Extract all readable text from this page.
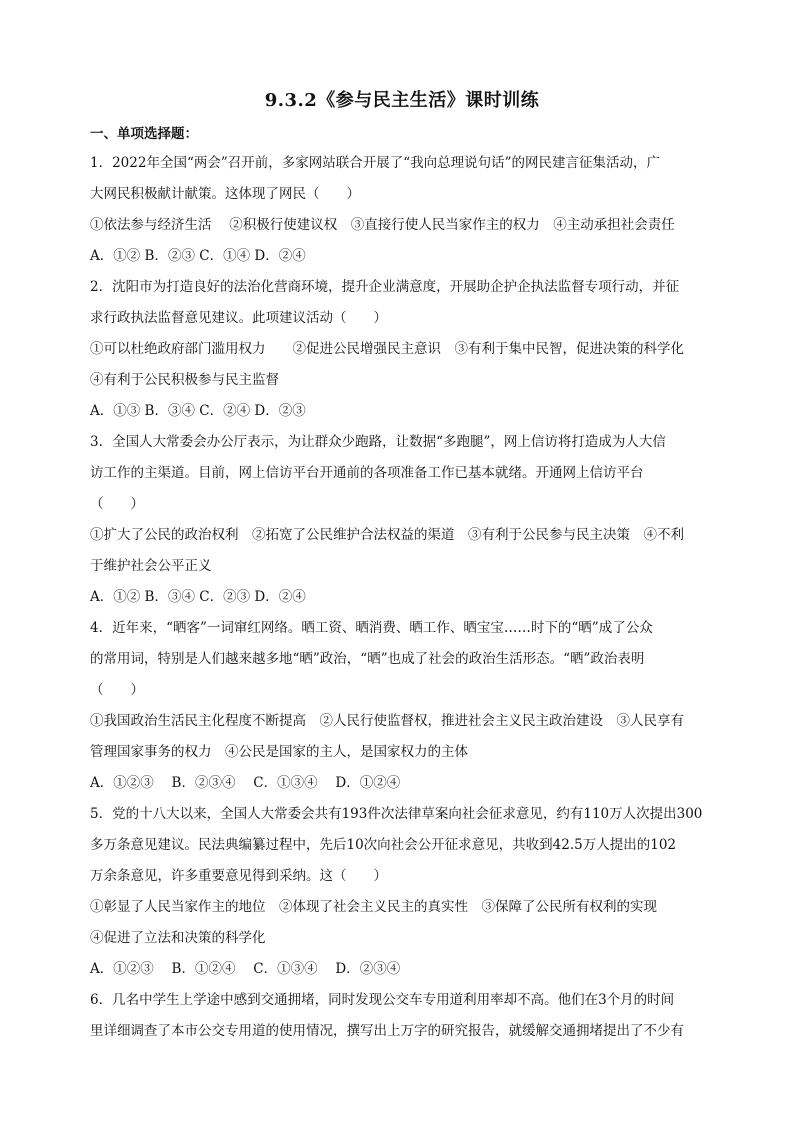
9.3.2《参与民主生活》课时训练
一、单项选择题：

1．2022年全国“两会”召开前，多家网站联合开展了“我向总理说句话”的网民建言征集活动，广

大网民积极献计献策。这体现了网民（　　）

①依法参与经济生活　 ②积极行使建议权　③直接行使人民当家作主的权力　④主动承担社会责任

A．①② B．②③ C．①④ D．②④

2．沈阳市为打造良好的法治化营商环境，提升企业满意度，开展助企护企执法监督专项行动，并征

求行政执法监督意见建议。此项建议活动（　　）

①可以杜绝政府部门滥用权力　　②促进公民增强民主意识　③有利于集中民智，促进决策的科学化

④有利于公民积极参与民主监督

A．①③ B．③④ C．②④ D．②③

3．全国人大常委会办公厅表示，为让群众少跑路，让数据“多跑腿”，网上信访将打造成为人大信

访工作的主渠道。目前，网上信访平台开通前的各项准备工作已基本就绪。开通网上信访平台

（　　）

①扩大了公民的政治权利　②拓宽了公民维护合法权益的渠道　③有利于公民参与民主决策　④不利

于维护社会公平正义

A．①② B．③④ C．②③ D．②④

4．近年来，“晒客”一词窜红网络。晒工资、晒消费、晒工作、晒宝宝……时下的“晒”成了公众

的常用词，特别是人们越来越多地“晒”政治，“晒”也成了社会的政治生活形态。“晒”政治表明

（　　）

①我国政治生活民主化程度不断提高　②人民行使监督权，推进社会主义民主政治建设　③人民享有

管理国家事务的权力　④公民是国家的主人，是国家权力的主体

A．①②③　 B．②③④　 C．①③④　 D．①②④

5．党的十八大以来，全国人大常委会共有193件次法律草案向社会征求意见，约有110万人次提出300

多万条意见建议。民法典编纂过程中，先后10次向社会公开征求意见，共收到42.5万人提出的102

万余条意见，许多重要意见得到采纳。这（　　）

①彰显了人民当家作主的地位　②体现了社会主义民主的真实性　③保障了公民所有权利的实现

④促进了立法和决策的科学化

A．①②③　 B．①②④　 C．①③④　 D．②③④

6．几名中学生上学途中感到交通拥堵，同时发现公交车专用道利用率却不高。他们在3个月的时间

里详细调查了本市公交专用道的使用情况，撰写出上万字的研究报告，就缓解交通拥堵提出了不少有
